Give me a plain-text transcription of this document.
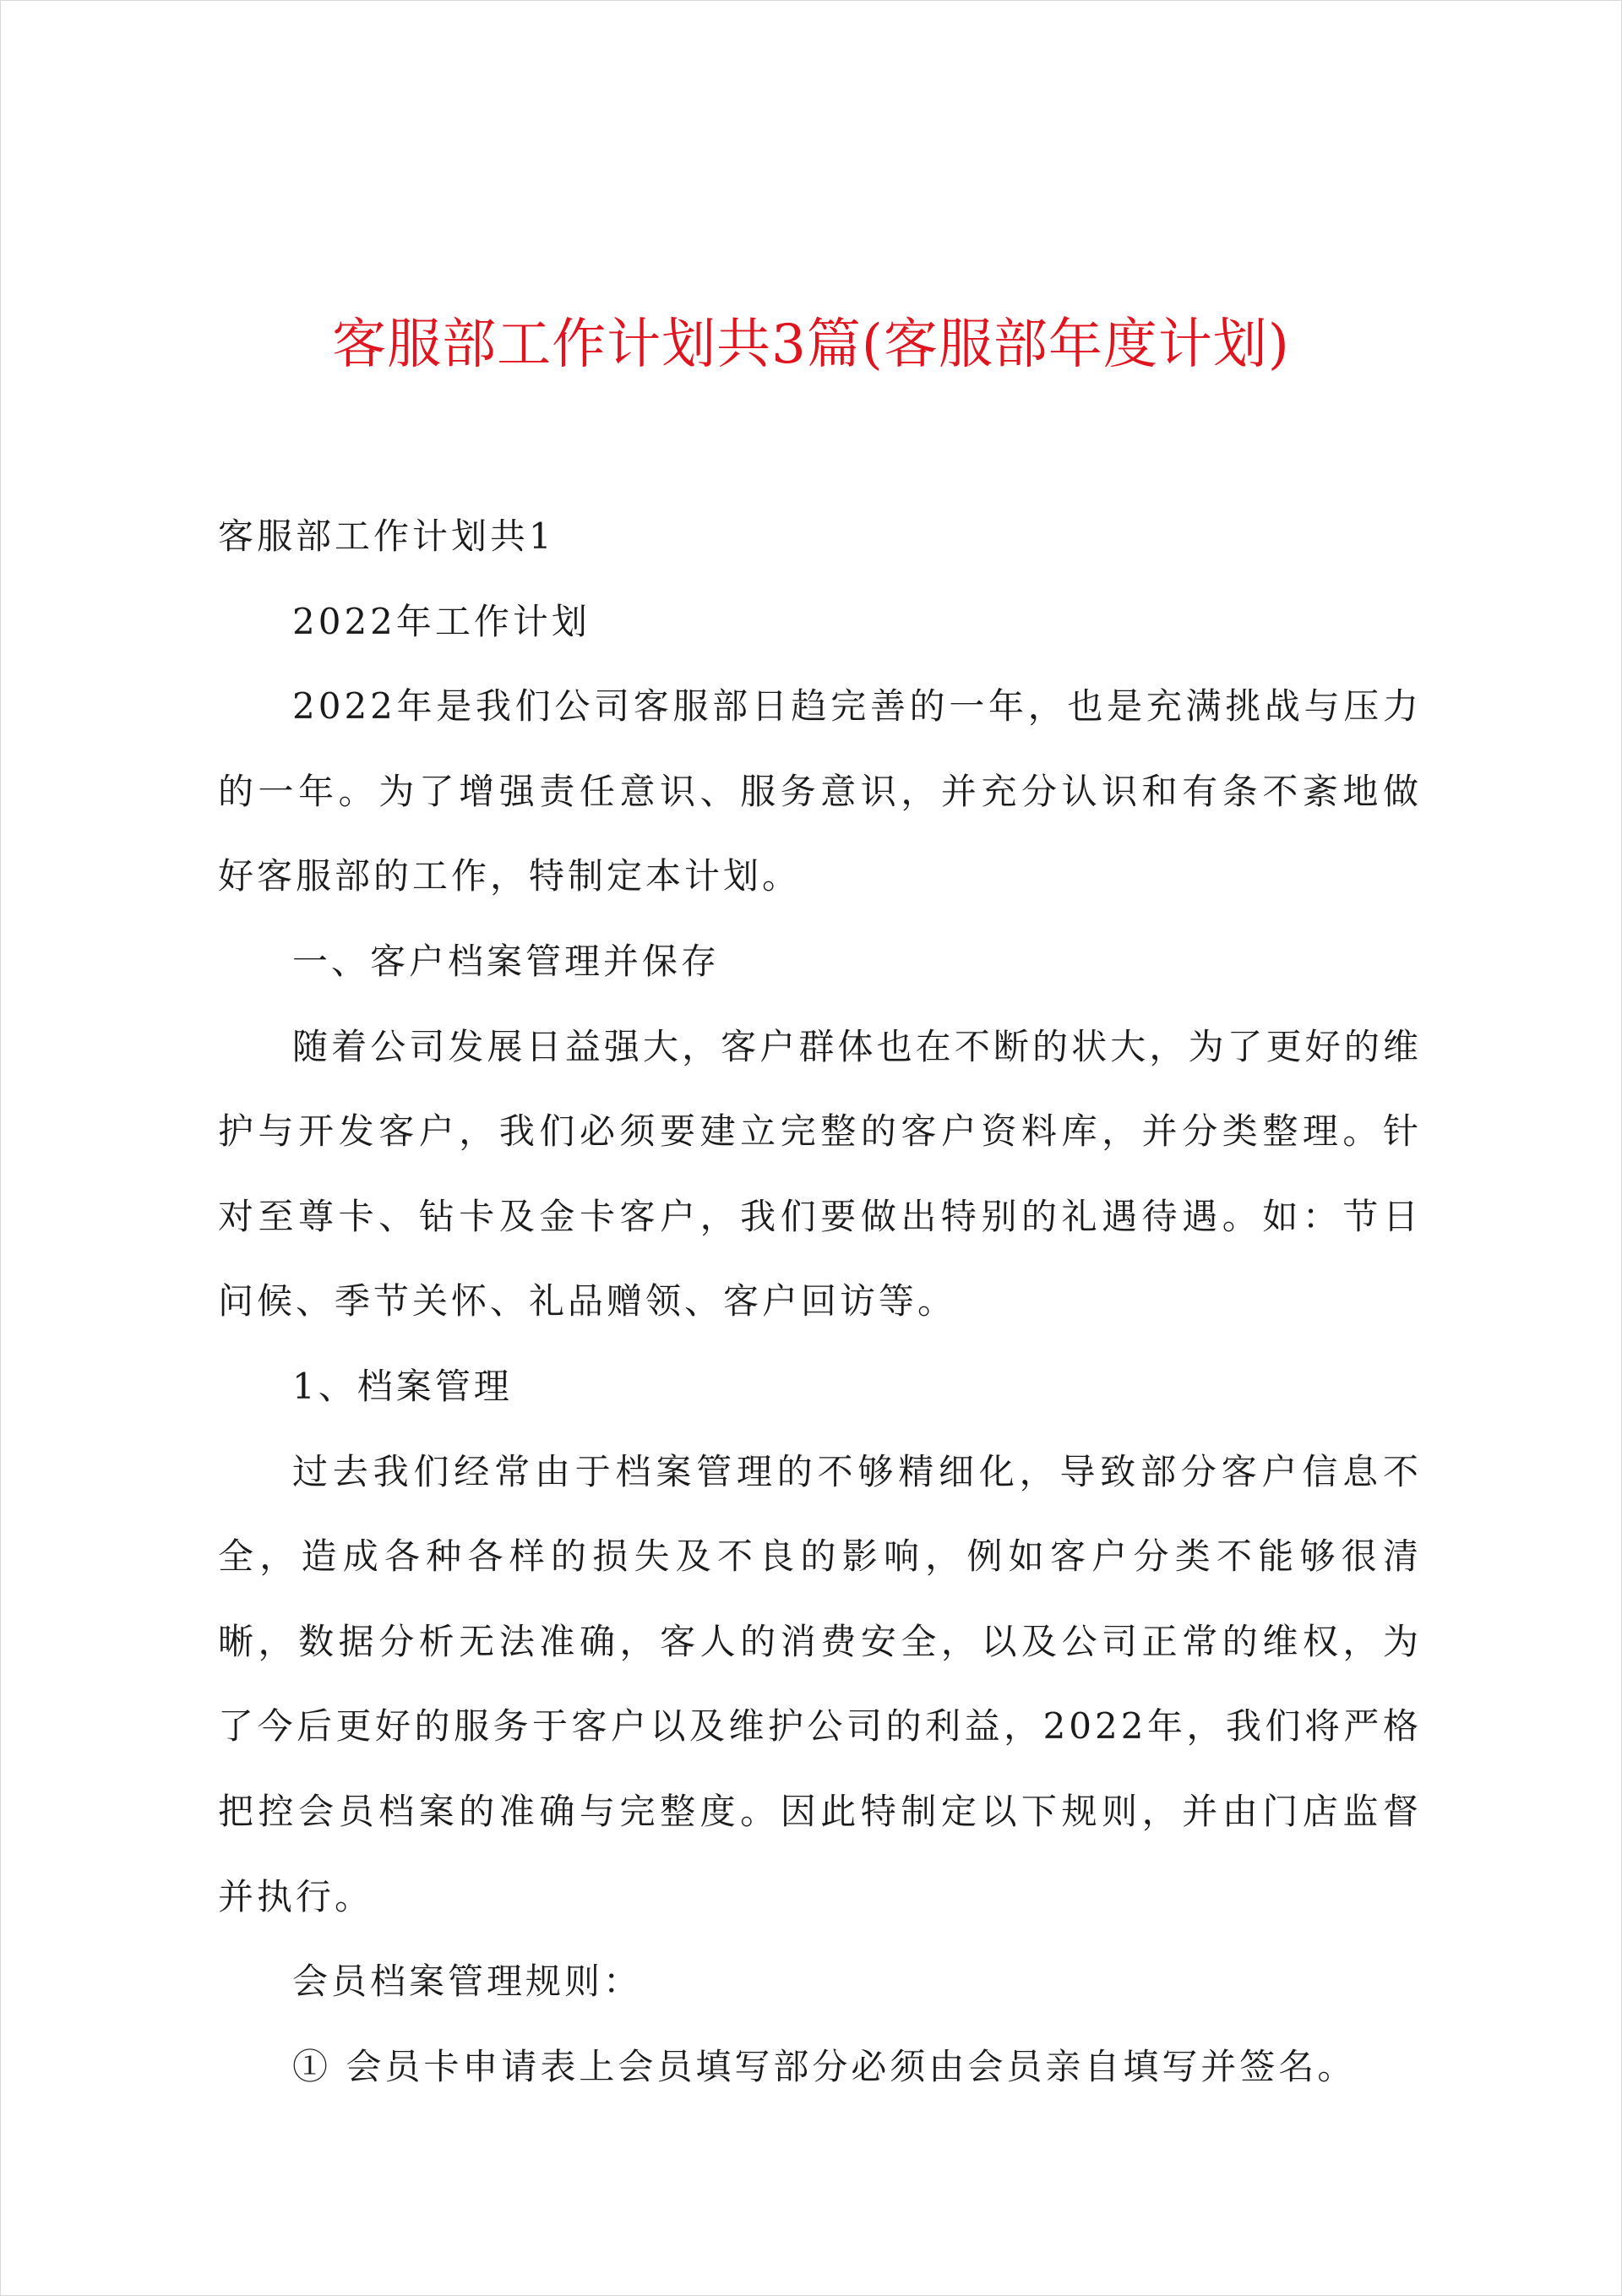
客服部工作计划共3篇(客服部年度计划)

客服部工作计划共1

2022年工作计划

2022年是我们公司客服部日趋完善的一年，也是充满挑战与压力的一年。为了增强责任意识、服务意识，并充分认识和有条不紊地做好客服部的工作，特制定本计划。

一、客户档案管理并保存

随着公司发展日益强大，客户群体也在不断的状大，为了更好的维护与开发客户，我们必须要建立完整的客户资料库，并分类整理。针对至尊卡、钻卡及金卡客户，我们要做出特别的礼遇待遇。如：节日问候、季节关怀、礼品赠领、客户回访等。

1、档案管理

过去我们经常由于档案管理的不够精细化，导致部分客户信息不全，造成各种各样的损失及不良的影响，例如客户分类不能够很清晰，数据分析无法准确，客人的消费安全，以及公司正常的维权，为了今后更好的服务于客户以及维护公司的利益，2022年，我们将严格把控会员档案的准确与完整度。因此特制定以下规则，并由门店监督并执行。

会员档案管理规则：

① 会员卡申请表上会员填写部分必须由会员亲自填写并签名。
